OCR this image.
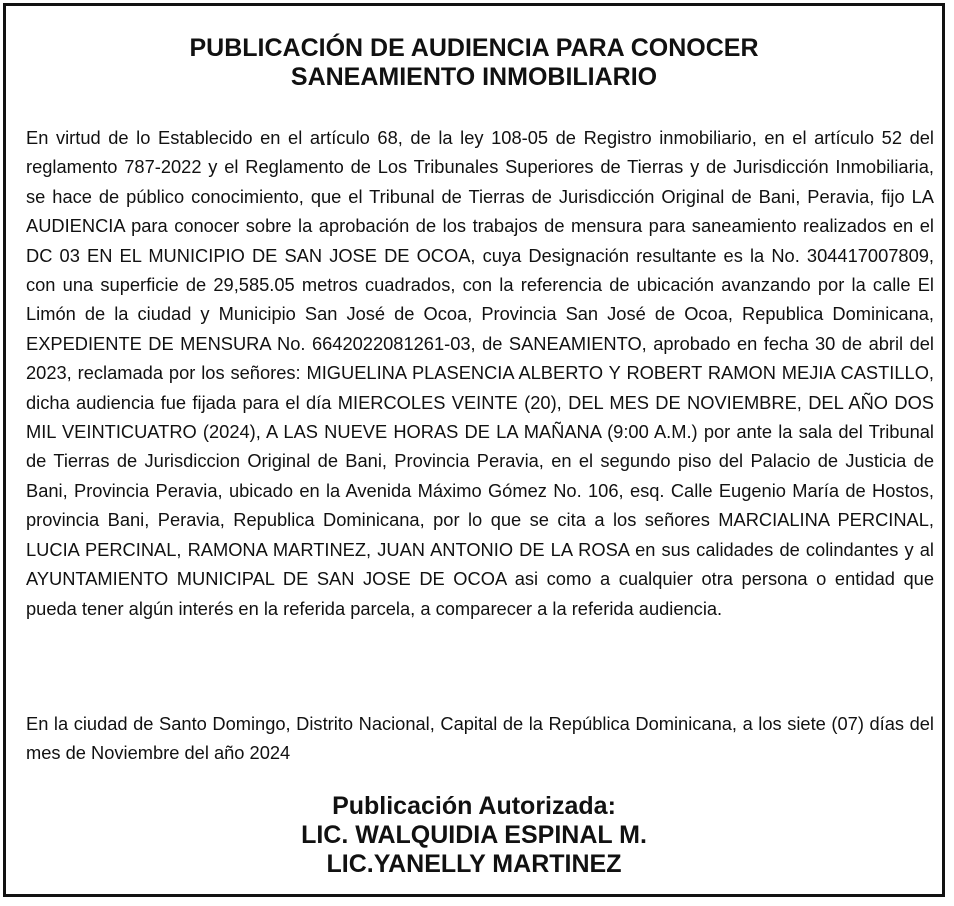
PUBLICACIÓN DE AUDIENCIA PARA CONOCER
SANEAMIENTO INMOBILIARIO

En virtud de lo Establecido en el artículo 68, de la ley 108-05 de Registro inmobiliario, en el artículo 52 del reglamento 787-2022 y el Reglamento de Los Tribunales Superiores de Tierras y de Jurisdicción Inmobiliaria, se hace de público conocimiento, que el Tribunal de Tierras de Jurisdicción Original de Bani, Peravia, fijo LA AUDIENCIA para conocer sobre la aprobación de los trabajos de mensura para saneamiento realizados en el DC 03 EN EL MUNICIPIO DE SAN JOSE DE OCOA, cuya Designación resultante es la No. 304417007809, con una superficie de 29,585.05 metros cuadrados, con la referencia de ubicación avanzando por la calle El Limón de la ciudad y Municipio San José de Ocoa, Provincia San José de Ocoa, Republica Dominicana, EXPEDIENTE DE MENSURA No. 6642022081261-03, de SANEAMIENTO, aprobado en fecha 30 de abril del 2023, reclamada por los señores: MIGUELINA PLASENCIA ALBERTO Y ROBERT RAMON MEJIA CASTILLO, dicha audiencia fue fijada para el día MIERCOLES VEINTE (20), DEL MES DE NOVIEMBRE, DEL AÑO DOS MIL VEINTICUATRO (2024), A LAS NUEVE HORAS DE LA MAÑANA (9:00 A.M.) por ante la sala del Tribunal de Tierras de Jurisdiccion Original de Bani, Provincia Peravia, en el segundo piso del Palacio de Justicia de Bani, Provincia Peravia, ubicado en la Avenida Máximo Gómez No. 106, esq. Calle Eugenio María de Hostos, provincia Bani, Peravia, Republica Dominicana, por lo que se cita a los señores MARCIALINA PERCINAL, LUCIA PERCINAL, RAMONA MARTINEZ, JUAN ANTONIO DE LA ROSA en sus calidades de colindantes y al AYUNTAMIENTO MUNICIPAL DE SAN JOSE DE OCOA asi como a cualquier otra persona o entidad que pueda tener algún interés en la referida parcela, a comparecer a la referida audiencia.

En la ciudad de Santo Domingo, Distrito Nacional, Capital de la República Dominicana, a los siete (07) días del mes de Noviembre del año 2024

Publicación Autorizada:
LIC. WALQUIDIA ESPINAL M.
LIC.YANELLY MARTINEZ
